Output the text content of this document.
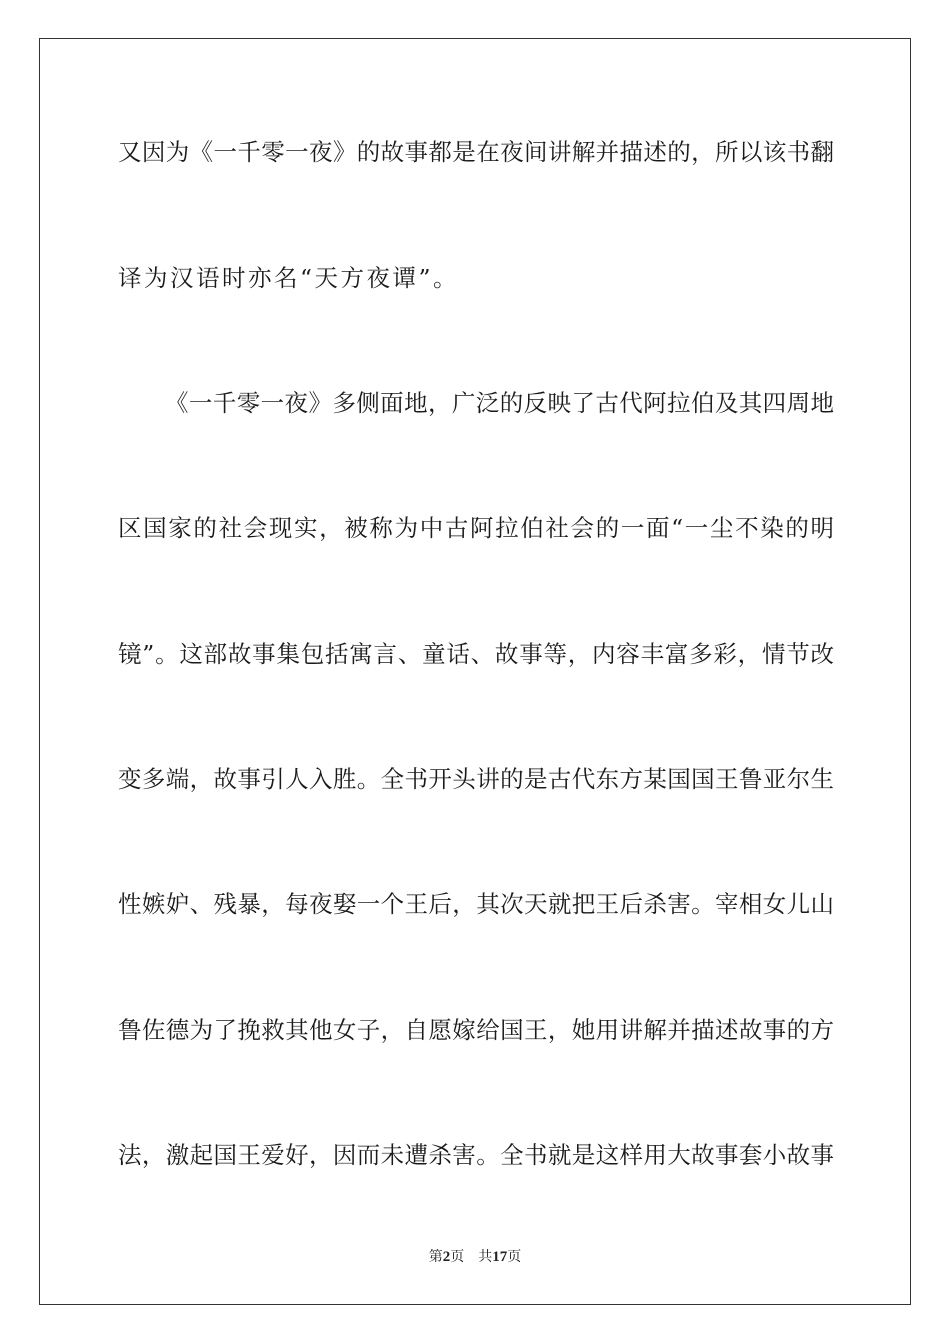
又因为《一千零一夜》的故事都是在夜间讲解并描述的，所以该书翻
译为汉语时亦名“天方夜谭”。
《一千零一夜》多侧面地，广泛的反映了古代阿拉伯及其四周地
区国家的社会现实，被称为中古阿拉伯社会的一面“一尘不染的明
镜”。这部故事集包括寓言、童话、故事等，内容丰富多彩，情节改
变多端，故事引人入胜。全书开头讲的是古代东方某国国王鲁亚尔生
性嫉妒、残暴，每夜娶一个王后，其次天就把王后杀害。宰相女儿山
鲁佐德为了挽救其他女子，自愿嫁给国王，她用讲解并描述故事的方
法，激起国王爱好，因而未遭杀害。全书就是这样用大故事套小故事
第2页 共17页
